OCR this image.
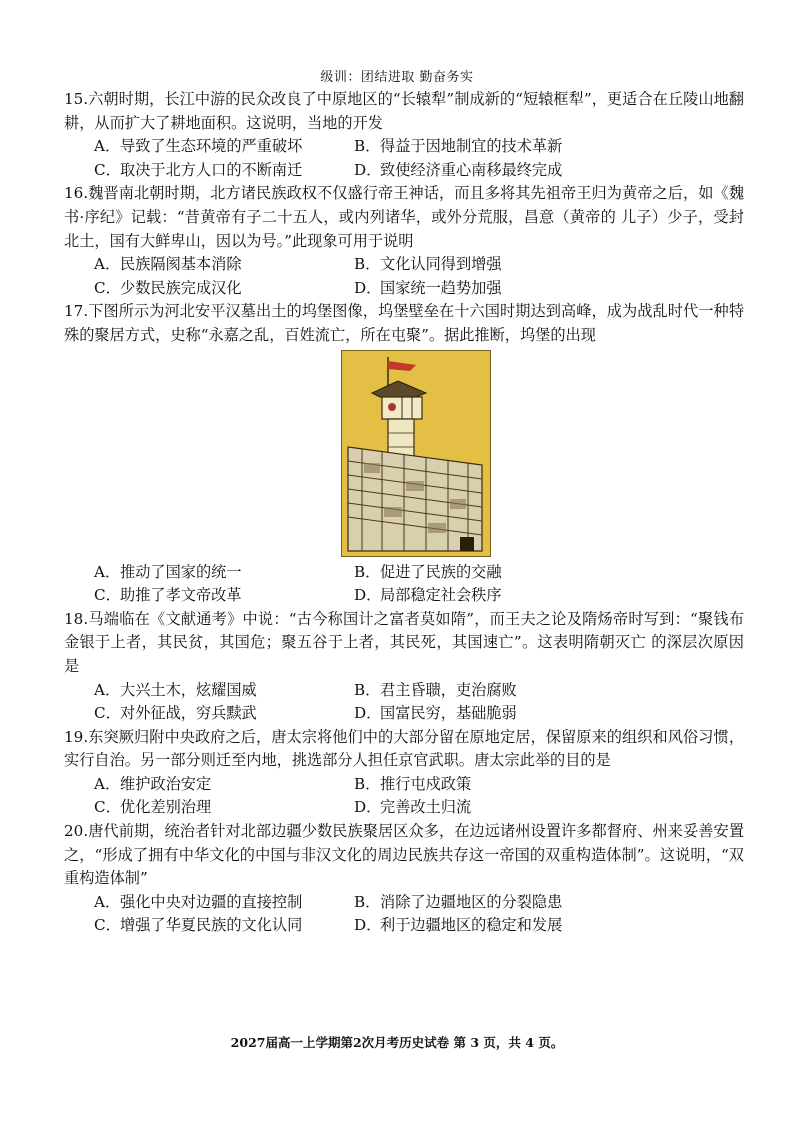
级训：团结进取 勤奋务实

15.六朝时期，长江中游的民众改良了中原地区的“长辕犁”制成新的“短辕框犁”，更适合在丘陵山地翻耕，从而扩大了耕地面积。这说明，当地的开发

A．导致了生态环境的严重破坏	B．得益于因地制宜的技术革新
C．取决于北方人口的不断南迁	D．致使经济重心南移最终完成

16.魏晋南北朝时期，北方诸民族政权不仅盛行帝王神话，而且多将其先祖帝王归为黄帝之后，如《魏书·序纪》记载：“昔黄帝有子二十五人，或内列诸华，或外分荒服，昌意（黄帝的 儿子）少子，受封北土，国有大鲜卑山，因以为号。”此现象可用于说明

A．民族隔阂基本消除	B．文化认同得到增强
C．少数民族完成汉化	D．国家统一趋势加强

17.下图所示为河北安平汉墓出土的坞堡图像，坞堡壁垒在十六国时期达到高峰，成为战乱时代一种特殊的聚居方式，史称“永嘉之乱，百姓流亡，所在屯聚”。据此推断，坞堡的出现

A．推动了国家的统一	B．促进了民族的交融
C．助推了孝文帝改革	D．局部稳定社会秩序

18.马端临在《文献通考》中说：“古今称国计之富者莫如隋”，而王夫之论及隋炀帝时写到：“聚钱布金银于上者，其民贫，其国危；聚五谷于上者，其民死，其国速亡”。这表明隋朝灭亡 的深层次原因是

A．大兴土木，炫耀国威	B．君主昏聩，吏治腐败
C．对外征战，穷兵黩武	D．国富民穷，基础脆弱

19.东突厥归附中央政府之后，唐太宗将他们中的大部分留在原地定居，保留原来的组织和风俗习惯，实行自治。另一部分则迁至内地，挑选部分人担任京官武职。唐太宗此举的目的是

A．维护政治安定	B．推行屯戍政策
C．优化差别治理	D．完善改土归流

20.唐代前期，统治者针对北部边疆少数民族聚居区众多，在边远诸州设置许多都督府、州来妥善安置之，“形成了拥有中华文化的中国与非汉文化的周边民族共存这一帝国的双重构造体制”。这说明，“双重构造体制”

A．强化中央对边疆的直接控制	B．消除了边疆地区的分裂隐患
C．增强了华夏民族的文化认同	D．利于边疆地区的稳定和发展
2027届高一上学期第2次月考历史试卷 第 3 页，共 4 页。
